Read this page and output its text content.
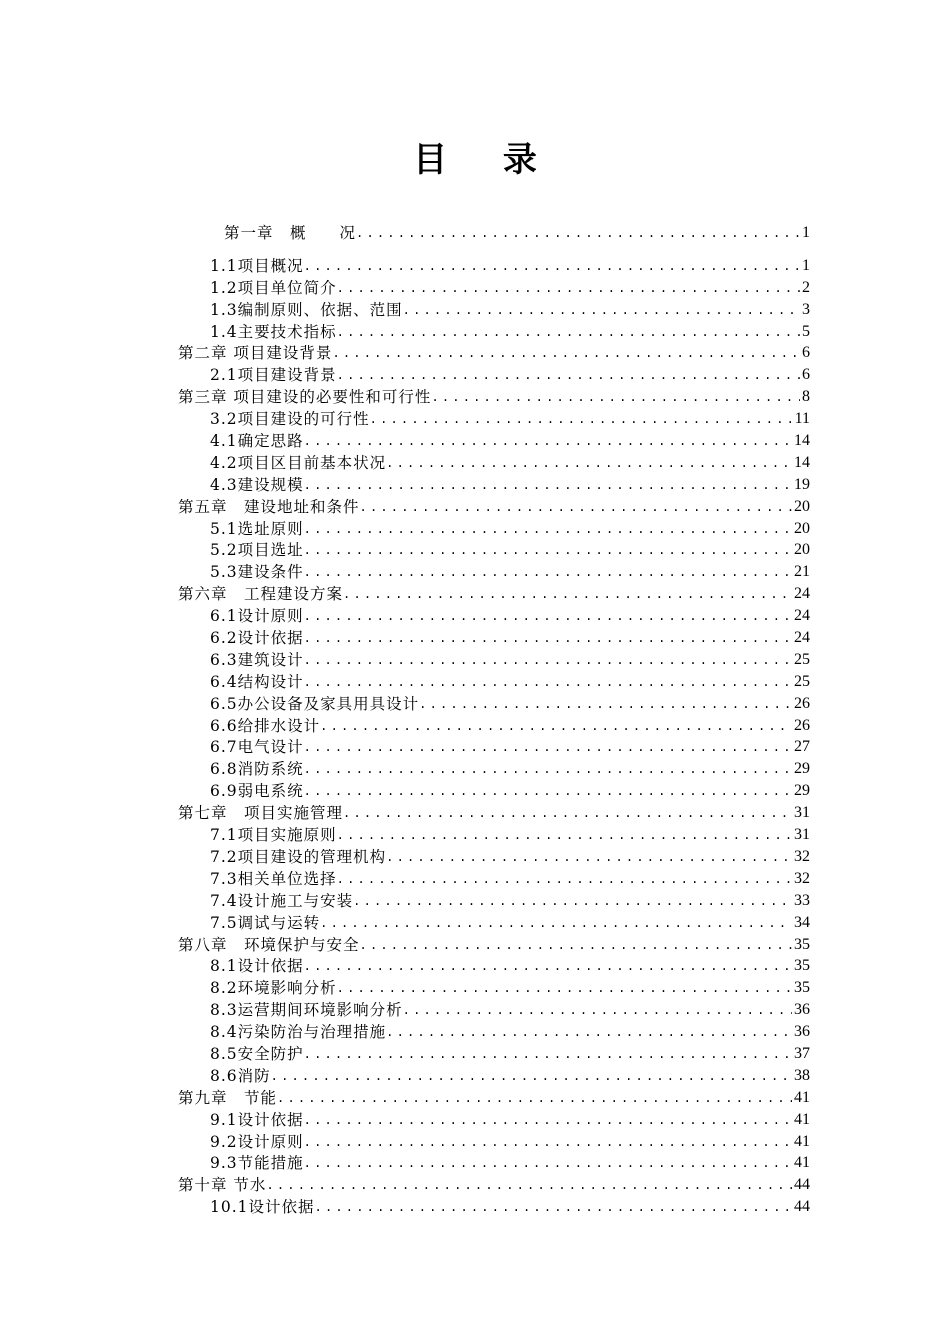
目 录
第一章　概　　况 .....	1
1.1项目概况 .....	1
1.2项目单位简介 .....	2
1.3编制原则、依据、范围 .....	3
1.4主要技术指标 .....	5
第二章 项目建设背景 .....	6
2.1项目建设背景 .....	6
第三章 项目建设的必要性和可行性 .....	8
3.2项目建设的可行性 .....	11
4.1确定思路 .....	14
4.2项目区目前基本状况 .....	14
4.3建设规模 .....	19
第五章　建设地址和条件 .....	20
5.1选址原则 .....	20
5.2项目选址 .....	20
5.3建设条件 .....	21
第六章　工程建设方案 .....	24
6.1设计原则 .....	24
6.2设计依据 .....	24
6.3建筑设计 .....	25
6.4结构设计 .....	25
6.5办公设备及家具用具设计 .....	26
6.6给排水设计 .....	26
6.7电气设计 .....	27
6.8消防系统 .....	29
6.9弱电系统 .....	29
第七章　项目实施管理 .....	31
7.1项目实施原则 .....	31
7.2项目建设的管理机构 .....	32
7.3相关单位选择 .....	32
7.4设计施工与安装 .....	33
7.5调试与运转 .....	34
第八章　环境保护与安全 .....	35
8.1设计依据 .....	35
8.2环境影响分析 .....	35
8.3运营期间环境影响分析 .....	36
8.4污染防治与治理措施 .....	36
8.5安全防护 .....	37
8.6消防 .....	38
第九章　节能 .....	41
9.1设计依据 .....	41
9.2设计原则 .....	41
9.3节能措施 .....	41
第十章 节水 .....	44
10.1设计依据 .....	44
